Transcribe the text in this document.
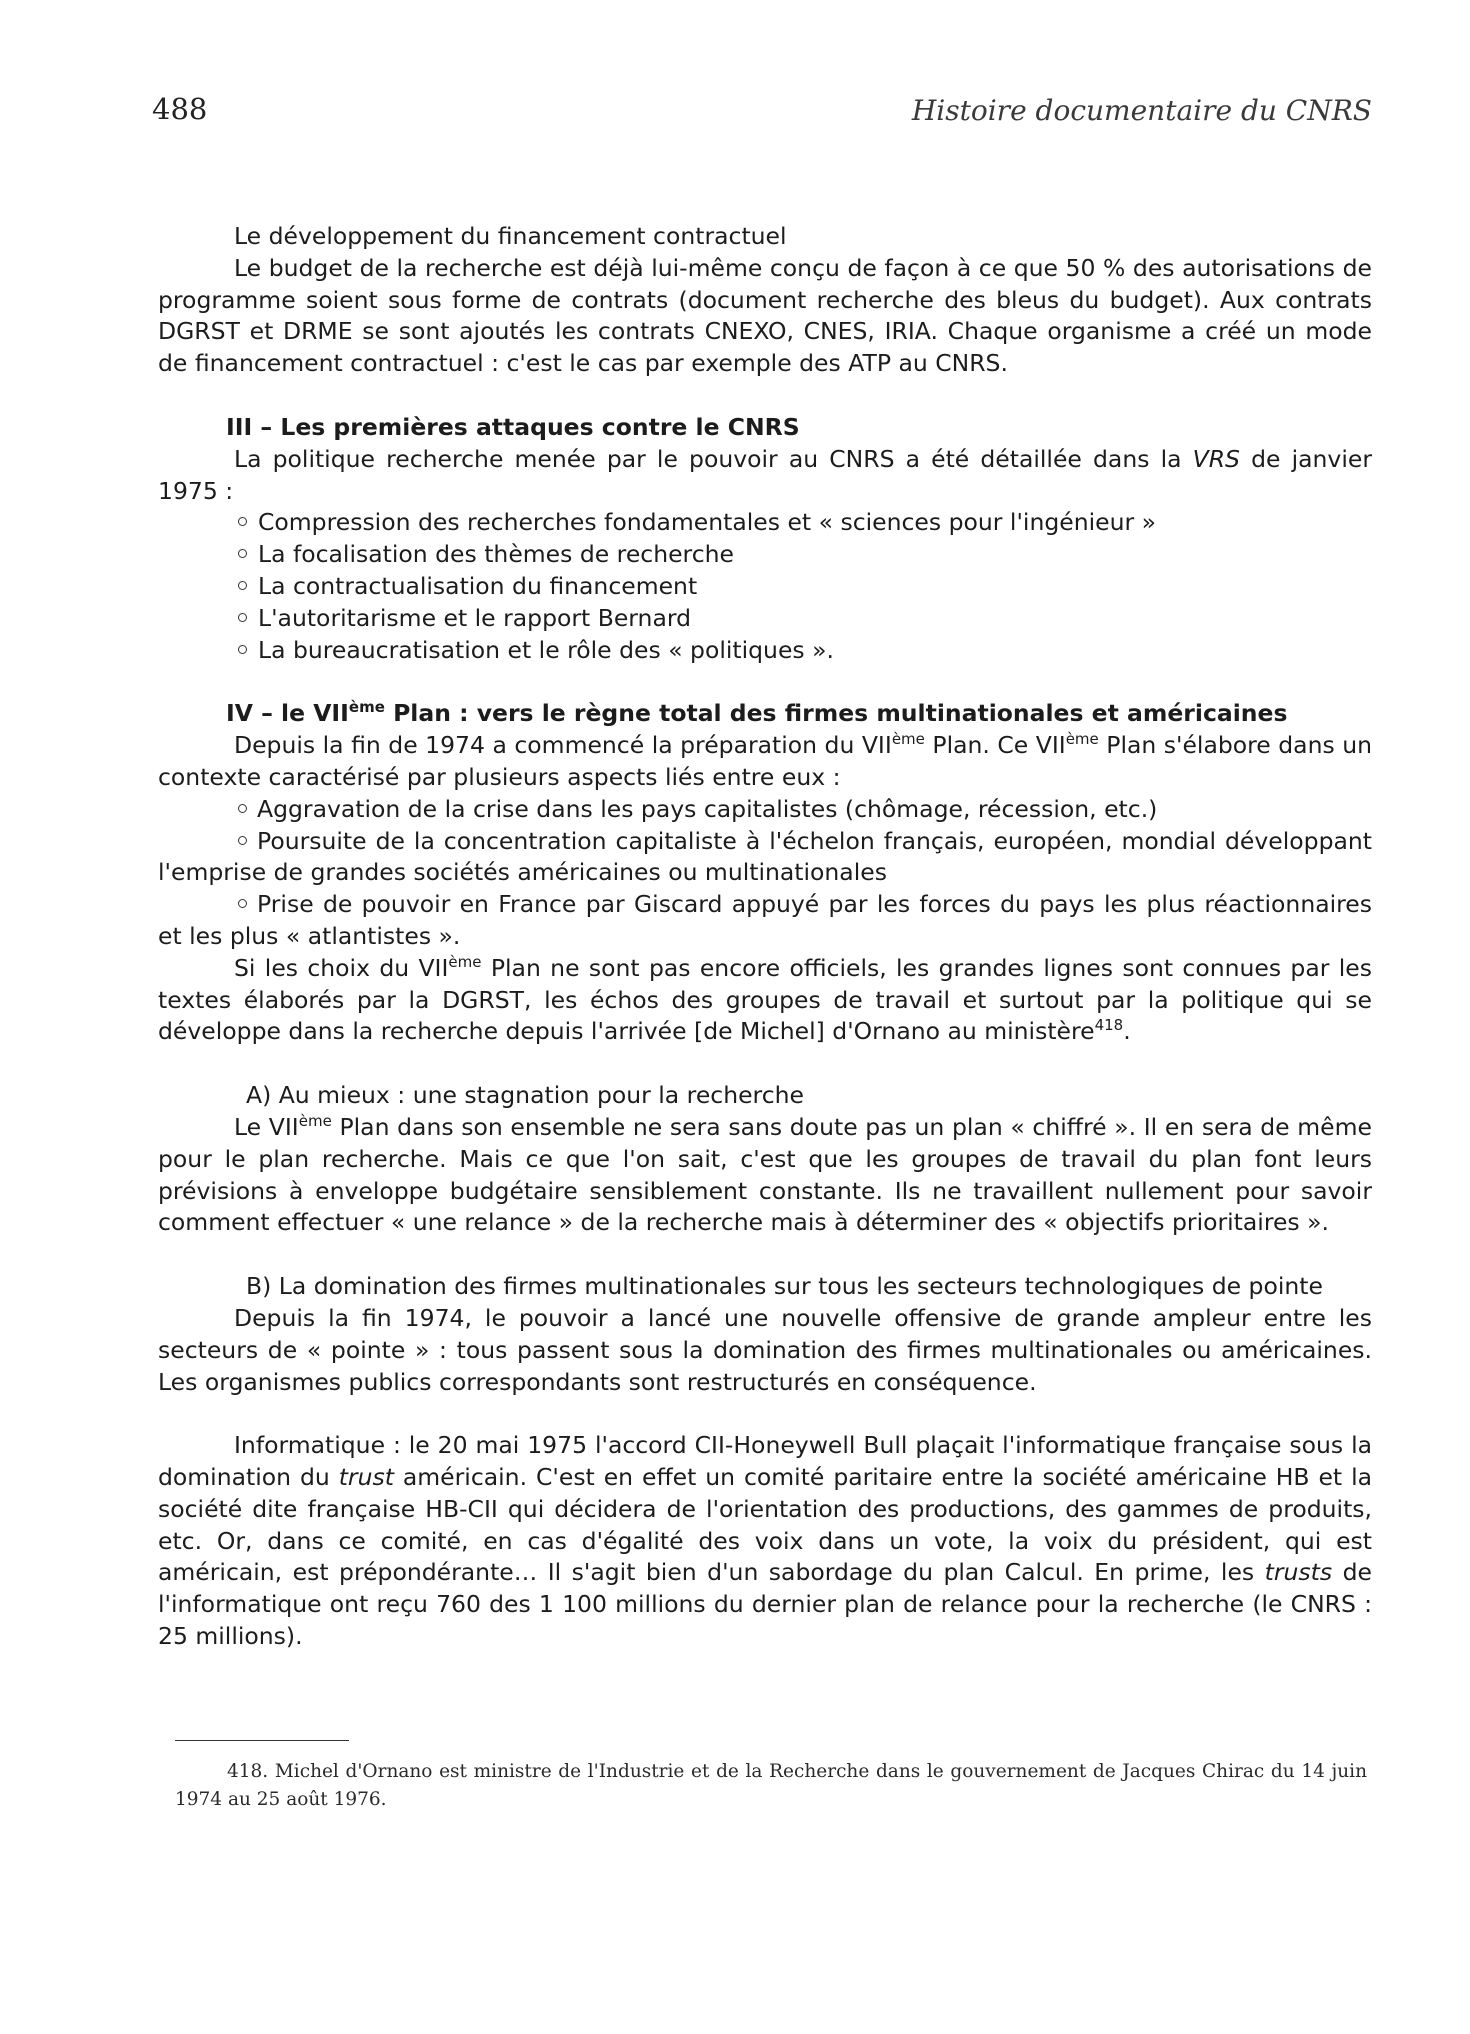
488	Histoire documentaire du CNRS

Le développement du financement contractuel

Le budget de la recherche est déjà lui-même conçu de façon à ce que 50 % des autorisations de programme soient sous forme de contrats (document recherche des bleus du budget). Aux contrats DGRST et DRME se sont ajoutés les contrats CNEXO, CNES, IRIA. Chaque organisme a créé un mode de financement contractuel : c'est le cas par exemple des ATP au CNRS.

III – Les premières attaques contre le CNRS

La politique recherche menée par le pouvoir au CNRS a été détaillée dans la VRS de janvier 1975 :

Compression des recherches fondamentales et « sciences pour l'ingénieur »
La focalisation des thèmes de recherche
La contractualisation du financement
L'autoritarisme et le rapport Bernard
La bureaucratisation et le rôle des « politiques ».

IV – le VIIème Plan : vers le règne total des firmes multinationales et américaines

Depuis la fin de 1974 a commencé la préparation du VIIème Plan. Ce VIIème Plan s'élabore dans un contexte caractérisé par plusieurs aspects liés entre eux :

Aggravation de la crise dans les pays capitalistes (chômage, récession, etc.)

Poursuite de la concentration capitaliste à l'échelon français, européen, mondial développant l'emprise de grandes sociétés américaines ou multinationales

Prise de pouvoir en France par Giscard appuyé par les forces du pays les plus réactionnaires et les plus « atlantistes ».

Si les choix du VIIème Plan ne sont pas encore officiels, les grandes lignes sont connues par les textes élaborés par la DGRST, les échos des groupes de travail et surtout par la politique qui se développe dans la recherche depuis l'arrivée [de Michel] d'Ornano au ministère$^{418}$.

A) Au mieux : une stagnation pour la recherche

Le VIIème Plan dans son ensemble ne sera sans doute pas un plan « chiffré ». Il en sera de même pour le plan recherche. Mais ce que l'on sait, c'est que les groupes de travail du plan font leurs prévisions à enveloppe budgétaire sensiblement constante. Ils ne travaillent nullement pour savoir comment effectuer « une relance » de la recherche mais à déterminer des « objectifs prioritaires ».

B) La domination des firmes multinationales sur tous les secteurs technologiques de pointe

Depuis la fin 1974, le pouvoir a lancé une nouvelle offensive de grande ampleur entre les secteurs de « pointe » : tous passent sous la domination des firmes multinationales ou américaines. Les organismes publics correspondants sont restructurés en conséquence.

Informatique : le 20 mai 1975 l'accord CII-Honeywell Bull plaçait l'informatique française sous la domination du trust américain. C'est en effet un comité paritaire entre la société américaine HB et la société dite française HB-CII qui décidera de l'orientation des productions, des gammes de produits, etc. Or, dans ce comité, en cas d'égalité des voix dans un vote, la voix du président, qui est américain, est prépondérante… Il s'agit bien d'un sabordage du plan Calcul. En prime, les trusts de l'informatique ont reçu 760 des 1 100 millions du dernier plan de relance pour la recherche (le CNRS : 25 millions).

418. Michel d'Ornano est ministre de l'Industrie et de la Recherche dans le gouvernement de Jacques Chirac du 14 juin 1974 au 25 août 1976.
